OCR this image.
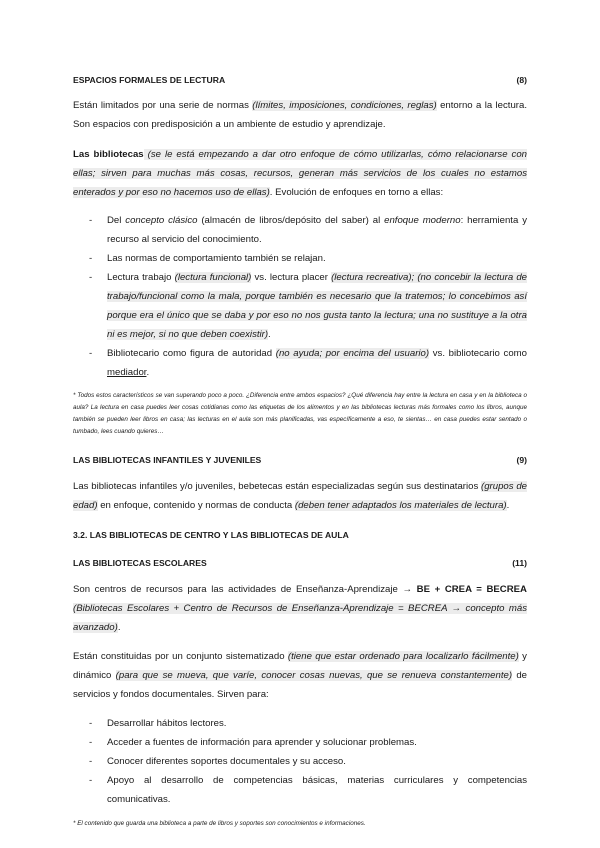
ESPACIOS FORMALES DE LECTURA	(8)

Están limitados por una serie de normas (límites, imposiciones, condiciones, reglas) entorno a la lectura. Son espacios con predisposición a un ambiente de estudio y aprendizaje.

Las bibliotecas (se le está empezando a dar otro enfoque de cómo utilizarlas, cómo relacionarse con ellas; sirven para muchas más cosas, recursos, generan más servicios de los cuales no estamos enterados y por eso no hacemos uso de ellas). Evolución de enfoques en torno a ellas:

- Del concepto clásico (almacén de libros/depósito del saber) al enfoque moderno: herramienta y recurso al servicio del conocimiento.
- Las normas de comportamiento también se relajan.
- Lectura trabajo (lectura funcional) vs. lectura placer (lectura recreativa); (no concebir la lectura de trabajo/funcional como la mala, porque también es necesario que la tratemos; lo concebimos así porque era el único que se daba y por eso no nos gusta tanto la lectura; una no sustituye a la otra ni es mejor, si no que deben coexistir).
- Bibliotecario como figura de autoridad (no ayuda; por encima del usuario) vs. bibliotecario como mediador.

* Todos estos característicos se van superando poco a poco. ¿Diferencia entre ambos espacios? ¿Qué diferencia hay entre la lectura en casa y en la biblioteca o aula? La lectura en casa puedes leer cosas cotidianas como las etiquetas de los alimentos y en las bibliotecas lecturas más formales como los libros, aunque también se pueden leer libros en casa; las lecturas en el aula son más planificadas, vas específicamente a eso, te sientas… en casa puedes estar sentado o tumbado, lees cuando quieres…

LAS BIBLIOTECAS INFANTILES Y JUVENILES	(9)

Las bibliotecas infantiles y/o juveniles, bebetecas están especializadas según sus destinatarios (grupos de edad) en enfoque, contenido y normas de conducta (deben tener adaptados los materiales de lectura).

3.2. LAS BIBLIOTECAS DE CENTRO Y LAS BIBLIOTECAS DE AULA
LAS BIBLIOTECAS ESCOLARES	(11)

Son centros de recursos para las actividades de Enseñanza-Aprendizaje → BE + CREA = BECREA (Bibliotecas Escolares + Centro de Recursos de Enseñanza-Aprendizaje = BECREA → concepto más avanzado).

Están constituidas por un conjunto sistematizado (tiene que estar ordenado para localizarlo fácilmente) y dinámico (para que se mueva, que varíe, conocer cosas nuevas, que se renueva constantemente) de servicios y fondos documentales. Sirven para:

- Desarrollar hábitos lectores.
- Acceder a fuentes de información para aprender y solucionar problemas.
- Conocer diferentes soportes documentales y su acceso.
- Apoyo al desarrollo de competencias básicas, materias curriculares y competencias comunicativas.

* El contenido que guarda una biblioteca a parte de libros y soportes son conocimientos e informaciones.
